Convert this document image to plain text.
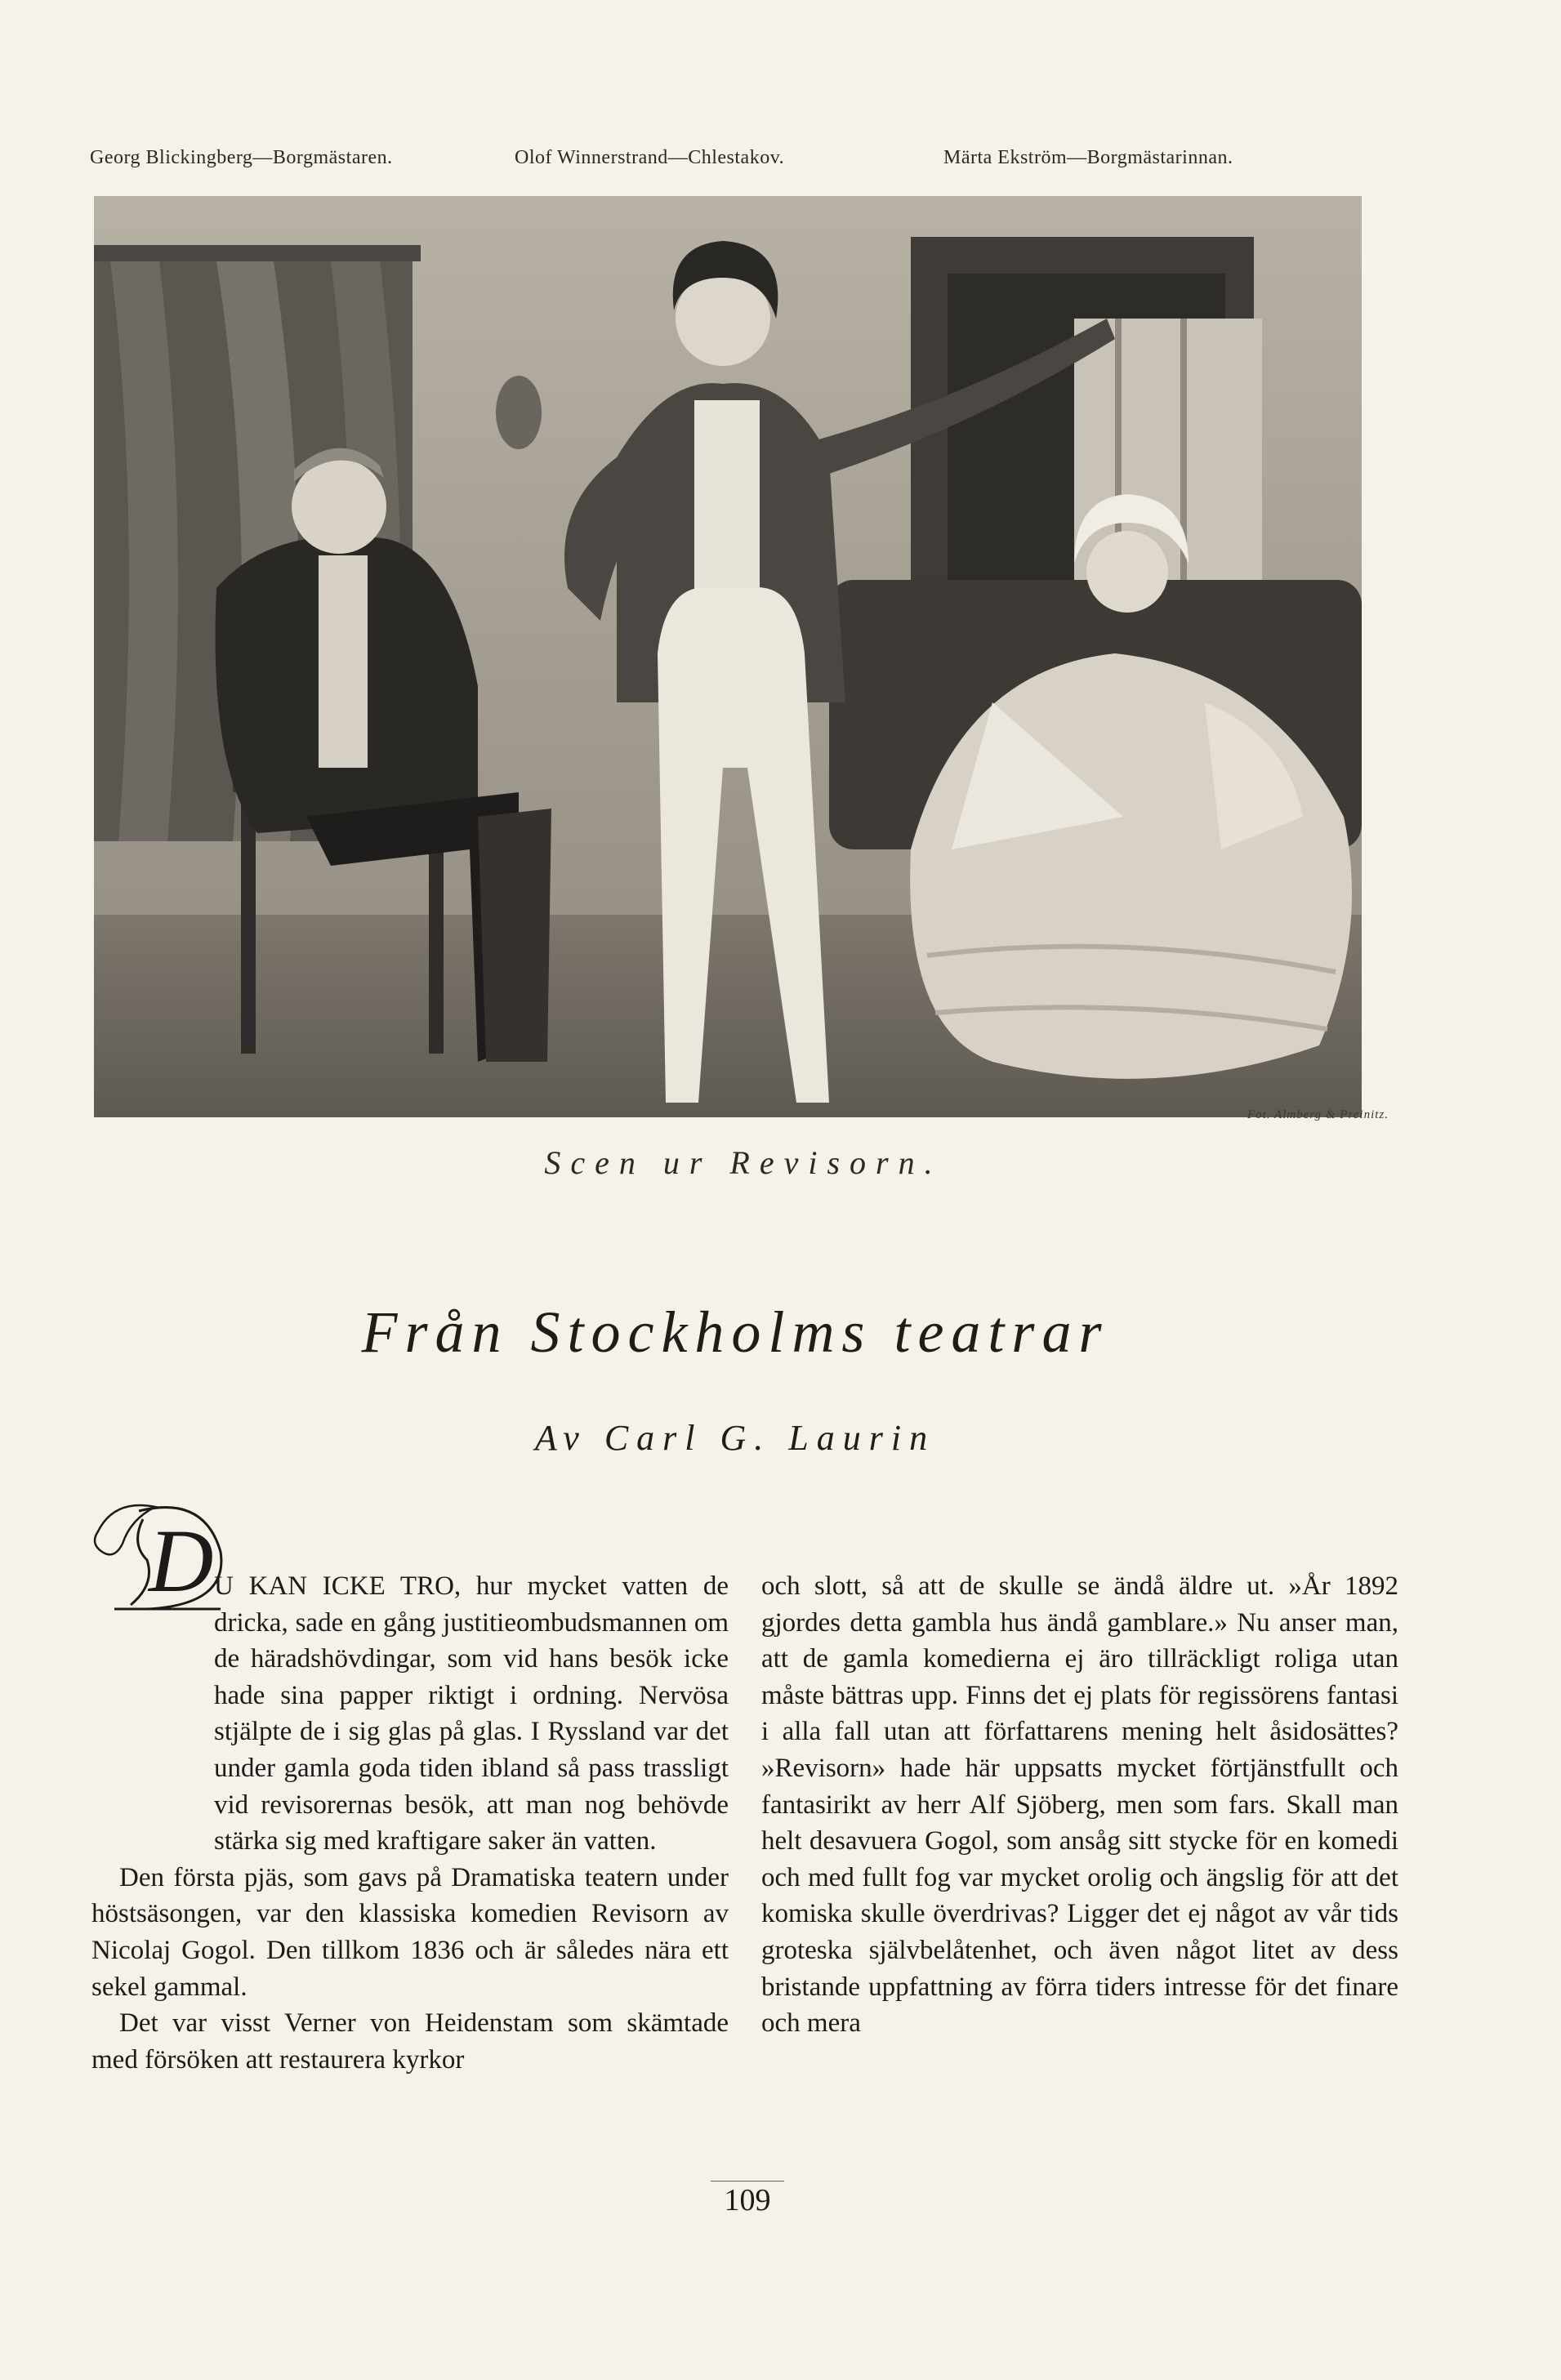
Georg Blickingberg—Borgmästaren.	Olof Winnerstrand—Chlestakov.	Märta Ekström—Borgmästarinnan.
Fot. Almberg & Preinitz.
Scen ur Revisorn.
Från Stockholms teatrar
Av Carl G. Laurin
D U KAN ICKE TRO, hur mycket vatten de dricka, sade en gång justitieombudsmannen om de häradshövdingar, som vid hans besök icke hade sina papper riktigt i ordning. Nervösa stjälpte de i sig glas på glas. I Ryssland var det under gamla goda tiden ibland så pass trassligt vid revisorernas besök, att man nog behövde stärka sig med kraftigare saker än vatten.

Den första pjäs, som gavs på Dramatiska teatern under höstsäsongen, var den klassiska komedien Revisorn av Nicolaj Gogol. Den tillkom 1836 och är således nära ett sekel gammal.

Det var visst Verner von Heidenstam som skämtade med försöken att restaurera kyrkor

och slott, så att de skulle se ändå äldre ut. »År 1892 gjordes detta gambla hus ändå gamblare.» Nu anser man, att de gamla komedierna ej äro tillräckligt roliga utan måste bättras upp. Finns det ej plats för regissörens fantasi i alla fall utan att författarens mening helt åsidosättes? »Revisorn» hade här uppsatts mycket förtjänstfullt och fantasirikt av herr Alf Sjöberg, men som fars. Skall man helt desavuera Gogol, som ansåg sitt stycke för en komedi och med fullt fog var mycket orolig och ängslig för att det komiska skulle överdrivas? Ligger det ej något av vår tids groteska självbelåtenhet, och även något litet av dess bristande uppfattning av förra tiders intresse för det finare och mera

109
